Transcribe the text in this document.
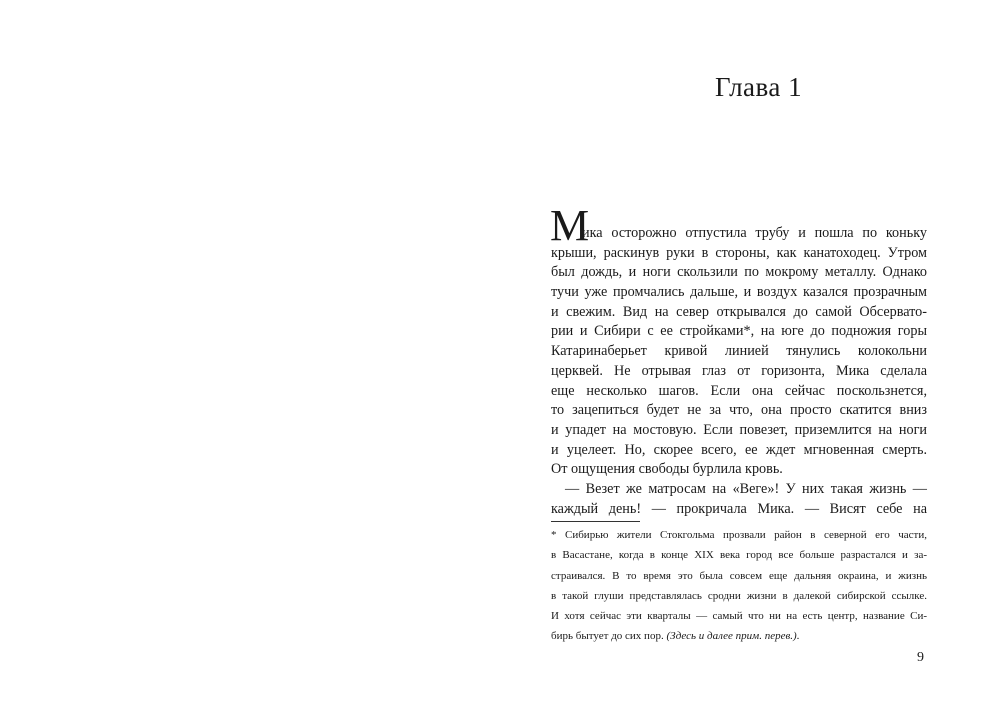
Глава 1
М
ика осторожно отпустила трубу и пошла по коньку
крыши, раскинув руки в стороны, как канатоходец. Утром
был дождь, и ноги скользили по мокрому металлу. Однако
тучи уже промчались дальше, и воздух казался прозрачным
и свежим. Вид на север открывался до самой Обсервато-
рии и Сибири с ее стройками*, на юге до подножия горы
Катаринаберьет кривой линией тянулись колокольни
церквей. Не отрывая глаз от горизонта, Мика сделала
еще несколько шагов. Если она сейчас поскользнется,
то зацепиться будет не за что, она просто скатится вниз
и упадет на мостовую. Если повезет, приземлится на ноги
и уцелеет. Но, скорее всего, ее ждет мгновенная смерть.
От ощущения свободы бурлила кровь.
— Везет же матросам на «Веге»! У них такая жизнь —
каждый день! — прокричала Мика. — Висят себе на
* Сибирью жители Стокгольма прозвали район в северной его части,
в Васастане, когда в конце XIX века город все больше разрастался и за-
страивался. В то время это была совсем еще дальняя окраина, и жизнь
в такой глуши представлялась сродни жизни в далекой сибирской ссылке.
И хотя сейчас эти кварталы — самый что ни на есть центр, название Си-
бирь бытует до сих пор. (Здесь и далее прим. перев.).
9
